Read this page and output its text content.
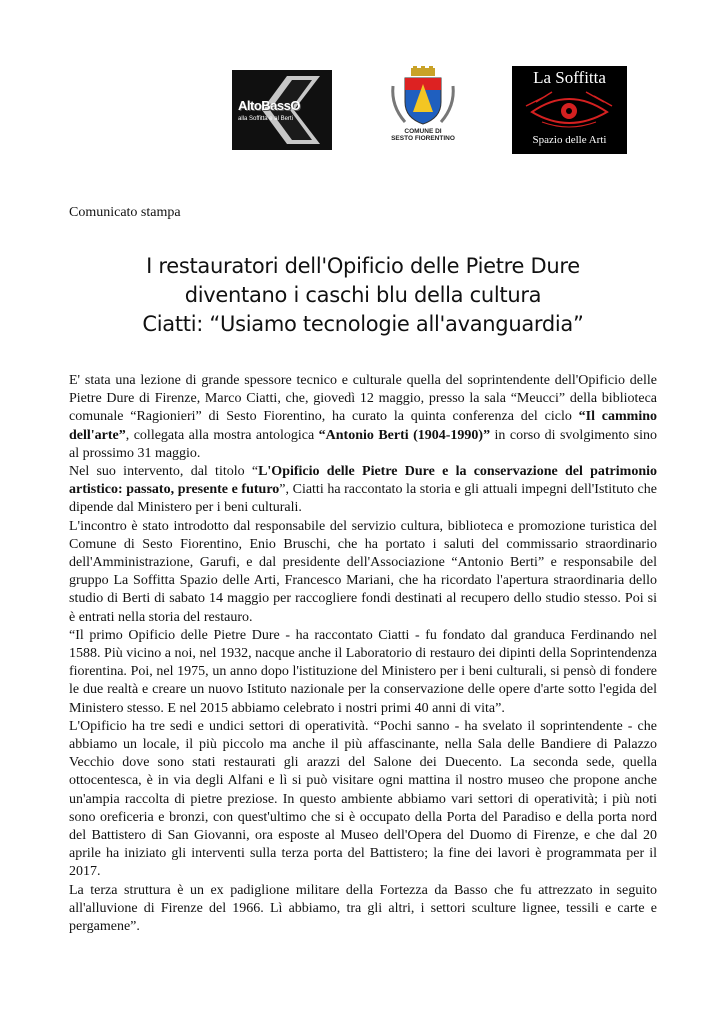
AltoBassO
alla Soffitta e al Berti
COMUNE DI
SESTO FIORENTINO
La Soffitta
Spazio delle Arti
Comunicato stampa
I restauratori dell'Opificio delle Pietre Dure
diventano i caschi blu della cultura
Ciatti: “Usiamo tecnologie all'avanguardia”

E' stata una lezione di grande spessore tecnico e culturale quella del soprintendente dell'Opificio delle Pietre Dure di Firenze, Marco Ciatti, che, giovedì 12 maggio, presso la sala “Meucci” della biblioteca comunale “Ragionieri” di Sesto Fiorentino, ha curato la quinta conferenza del ciclo “Il cammino dell'arte”, collegata alla mostra antologica “Antonio Berti (1904-1990)” in corso di svolgimento sino al prossimo 31 maggio.

Nel suo intervento, dal titolo “L'Opificio delle Pietre Dure e la conservazione del patrimonio artistico: passato, presente e futuro”, Ciatti ha raccontato la storia e gli attuali impegni dell'Istituto che dipende dal Ministero per i beni culturali.

L'incontro è stato introdotto dal responsabile del servizio cultura, biblioteca e promozione turistica del Comune di Sesto Fiorentino, Enio Bruschi, che ha portato i saluti del commissario straordinario dell'Amministrazione, Garufi, e dal presidente dell'Associazione “Antonio Berti” e responsabile del gruppo La Soffitta Spazio delle Arti, Francesco Mariani, che ha ricordato l'apertura straordinaria dello studio di Berti di sabato 14 maggio per raccogliere fondi destinati al recupero dello studio stesso. Poi si è entrati nella storia del restauro.

“Il primo Opificio delle Pietre Dure - ha raccontato Ciatti - fu fondato dal granduca Ferdinando nel 1588. Più vicino a noi, nel 1932, nacque anche il Laboratorio di restauro dei dipinti della Soprintendenza fiorentina. Poi, nel 1975, un anno dopo l'istituzione del Ministero per i beni culturali, si pensò di fondere le due realtà e creare un nuovo Istituto nazionale per la conservazione delle opere d'arte sotto l'egida del Ministero stesso. E nel 2015 abbiamo celebrato i nostri primi 40 anni di vita”.

L'Opificio ha tre sedi e undici settori di operatività. “Pochi sanno - ha svelato il soprintendente - che abbiamo un locale, il più piccolo ma anche il più affascinante, nella Sala delle Bandiere di Palazzo Vecchio dove sono stati restaurati gli arazzi del Salone dei Duecento. La seconda sede, quella ottocentesca, è in via degli Alfani e lì si può visitare ogni mattina il nostro museo che propone anche un'ampia raccolta di pietre preziose. In questo ambiente abbiamo vari settori di operatività; i più noti sono oreficeria e bronzi, con quest'ultimo che si è occupato della Porta del Paradiso e della porta nord del Battistero di San Giovanni, ora esposte al Museo dell'Opera del Duomo di Firenze, e che dal 20 aprile ha iniziato gli interventi sulla terza porta del Battistero; la fine dei lavori è programmata per il 2017.

La terza struttura è un ex padiglione militare della Fortezza da Basso che fu attrezzato in seguito all'alluvione di Firenze del 1966. Lì abbiamo, tra gli altri, i settori sculture lignee, tessili e carte e pergamene”.
